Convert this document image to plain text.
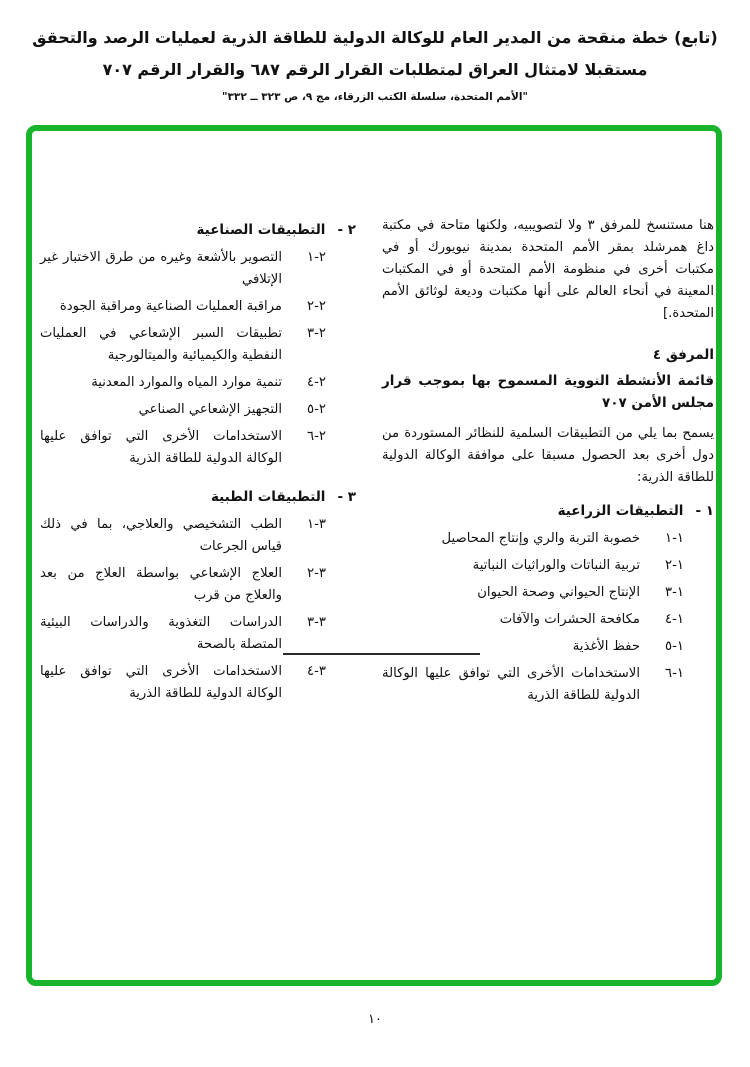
(تابع) خطة منقحة من المدير العام للوكالة الدولية للطاقة الذرية لعمليات الرصد والتحقق
مستقبلا لامتثال العراق لمتطلبات القرار الرقم ٦٨٧ والقرار الرقم ٧٠٧
"الأمم المتحدة، سلسلة الكتب الزرقاء، مج ٩، ص ٣٢٣ ــ ٣٣٢"

هنا مستنسخ للمرفق ٣ ولا لتصويبيه، ولكنها متاحة في مكتبة داغ همرشلد بمقر الأمم المتحدة بمدينة نيويورك أو في مكتبات أخرى في منظومة الأمم المتحدة أو في المكتبات المعينة في أنحاء العالم على أنها مكتبات وديعة لوثائق الأمم المتحدة.]

المرفق ٤

قائمة الأنشطة النووية المسموح بها بموجب قرار مجلس الأمن ٧٠٧

يسمح بما يلي من التطبيقات السلمية للنظائر المستوردة من دول أخرى بعد الحصول مسبقا على موافقة الوكالة الدولية للطاقة الذرية:

١ -
التطبيقات الزراعية
١-١
خصوبة التربة والري وإنتاج المحاصيل
١-٢
تربية النباتات والوراثيات النباتية
١-٣
الإنتاج الحيواني وصحة الحيوان
١-٤
مكافحة الحشرات والآفات
١-٥
حفظ الأغذية
١-٦
الاستخدامات الأخرى التي توافق عليها الوكالة الدولية للطاقة الذرية
٢ -
التطبيقات الصناعية
٢-١
التصوير بالأشعة وغيره من طرق الاختبار غير الإتلافي
٢-٢
مراقبة العمليات الصناعية ومراقبة الجودة
٢-٣
تطبيقات السبر الإشعاعي في العمليات النفطية والكيميائية والميتالورجية
٢-٤
تنمية موارد المياه والموارد المعدنية
٢-٥
التجهيز الإشعاعي الصناعي
٢-٦
الاستخدامات الأخرى التي توافق عليها الوكالة الدولية للطاقة الذرية
٣ -
التطبيقات الطبية
٣-١
الطب التشخيصي والعلاجي، بما في ذلك قياس الجرعات
٣-٢
العلاج الإشعاعي بواسطة العلاج من بعد والعلاج من قرب
٣-٣
الدراسات التغذوية والدراسات البيئية المتصلة بالصحة
٣-٤
الاستخدامات الأخرى التي توافق عليها الوكالة الدولية للطاقة الذرية
١٠
